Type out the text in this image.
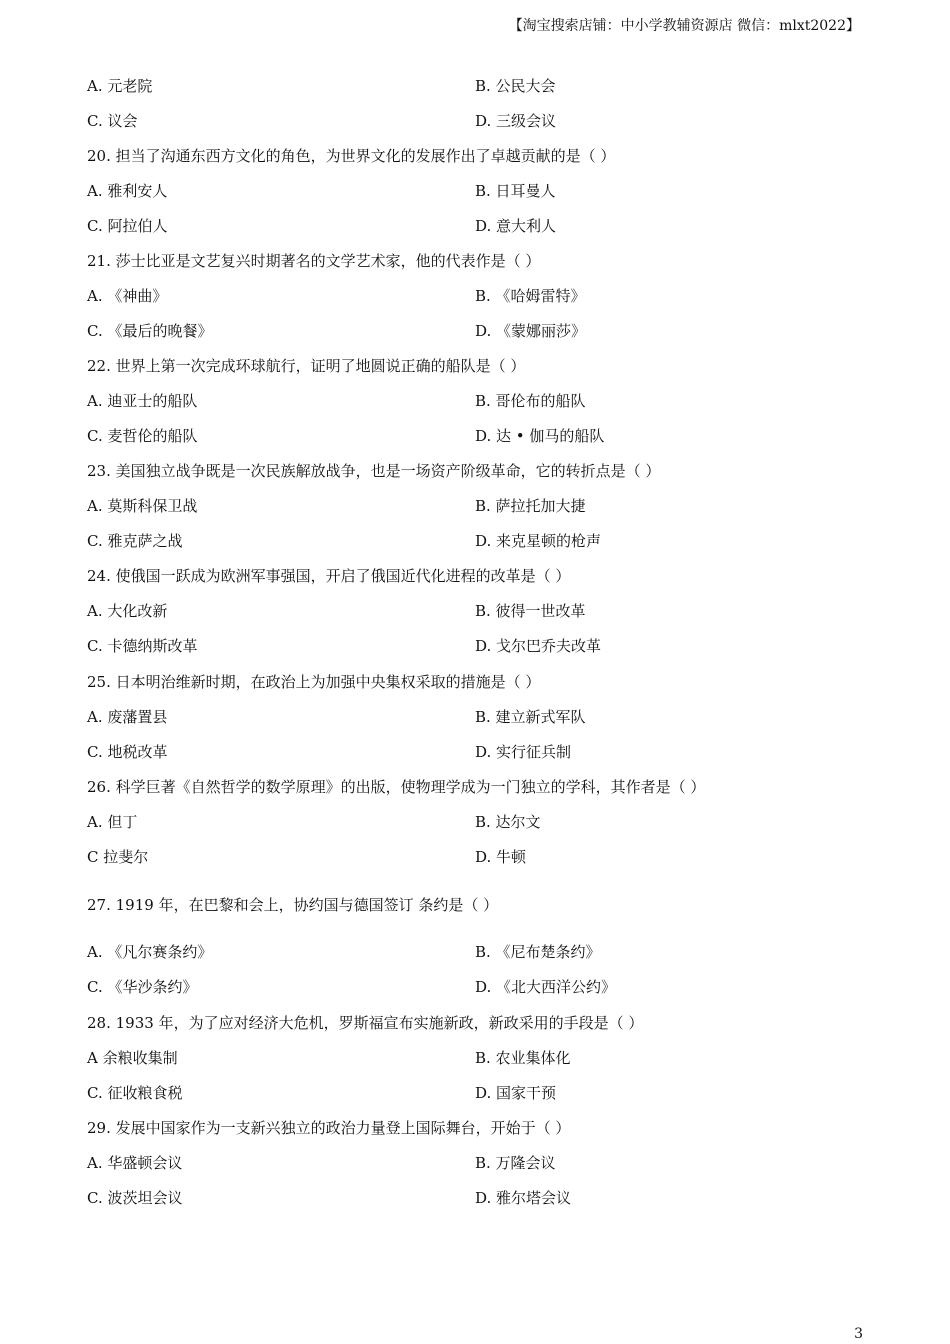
【淘宝搜索店铺：中小学教辅资源店 微信：mlxt2022】
A. 元老院	B. 公民大会
C. 议会	D. 三级会议
20. 担当了沟通东西方文化的角色，为世界文化的发展作出了卓越贡献的是（ ）
A. 雅利安人	B. 日耳曼人
C. 阿拉伯人	D. 意大利人
21. 莎士比亚是文艺复兴时期著名的文学艺术家，他的代表作是（ ）
A. 《神曲》	B. 《哈姆雷特》
C. 《最后的晚餐》	D. 《蒙娜丽莎》
22. 世界上第一次完成环球航行，证明了地圆说正确的船队是（ ）
A. 迪亚士的船队	B. 哥伦布的船队
C. 麦哲伦的船队	D. 达 • 伽马的船队
23. 美国独立战争既是一次民族解放战争，也是一场资产阶级革命，它的转折点是（ ）
A. 莫斯科保卫战	B. 萨拉托加大捷
C. 雅克萨之战	D. 来克星顿的枪声
24. 使俄国一跃成为欧洲军事强国，开启了俄国近代化进程的改革是（ ）
A. 大化改新	B. 彼得一世改革
C. 卡德纳斯改革	D. 戈尔巴乔夫改革
25. 日本明治维新时期，在政治上为加强中央集权采取的措施是（ ）
A. 废藩置县	B. 建立新式军队
C. 地税改革	D. 实行征兵制
26. 科学巨著《自然哲学的数学原理》的出版，使物理学成为一门独立的学科，其作者是（ ）
A. 但丁	B. 达尔文
C 拉斐尔	D. 牛顿
27. 1919 年，在巴黎和会上，协约国与德国签订 条约是（ ）
A. 《凡尔赛条约》	B. 《尼布楚条约》
C. 《华沙条约》	D. 《北大西洋公约》
28. 1933 年，为了应对经济大危机，罗斯福宣布实施新政，新政采用的手段是（ ）
A 余粮收集制	B. 农业集体化
C. 征收粮食税	D. 国家干预
29. 发展中国家作为一支新兴独立的政治力量登上国际舞台，开始于（ ）
A. 华盛顿会议	B. 万隆会议
C. 波茨坦会议	D. 雅尔塔会议
3
